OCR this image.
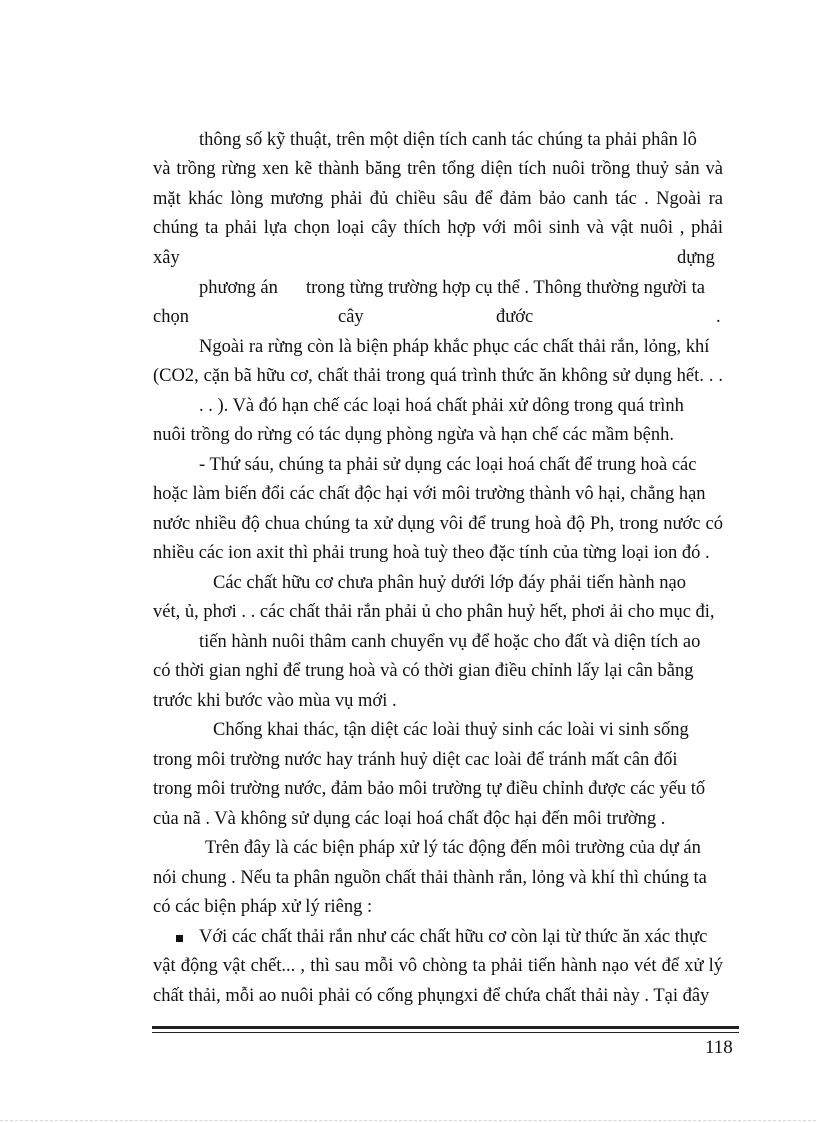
thông số kỹ thuật, trên một diện tích canh tác chúng ta phải phân lô
và trồng rừng xen kẽ thành băng trên tổng diện tích nuôi trồng thuỷ sản và
mặt khác lòng mương phải đủ chiều sâu để đảm bảo canh tác . Ngoài ra
chúng ta phải lựa chọn loại cây thích hợp với môi sinh và vật nuôi , phải
xây	dựng
phương án trong từng trường hợp cụ thể . Thông thường người ta
chọn	cây	đước	.
Ngoài ra rừng còn là biện pháp khắc phục các chất thải rắn, lỏng, khí
(CO2, cặn bã hữu cơ, chất thải trong quá trình thức ăn không sử dụng hết. . .
. . ). Và đó hạn chế các loại hoá chất phải xử dông trong quá trình
nuôi trồng do rừng có tác dụng phòng ngừa và hạn chế các mầm bệnh.
- Thứ sáu, chúng ta phải sử dụng các loại hoá chất để trung hoà các
hoặc làm biến đổi các chất độc hại với môi trường thành vô hại, chẳng hạn
nước nhiều độ chua chúng ta xử dụng vôi để trung hoà độ Ph, trong nước có
nhiều các ion axit thì phải trung hoà tuỳ theo đặc tính của từng loại ion đó .
Các chất hữu cơ chưa phân huỷ dưới lớp đáy phải tiến hành nạo
vét, ủ, phơi . . các chất thải rắn phải ủ cho phân huỷ hết, phơi ải cho mục đi,
tiến hành nuôi thâm canh chuyển vụ để hoặc cho đất và diện tích ao
có thời gian nghỉ để trung hoà và có thời gian điều chỉnh lấy lại cân bằng
trước khi bước vào mùa vụ mới .
Chống khai thác, tận diệt các loài thuỷ sinh các loài vi sinh sống
trong môi trường nước hay tránh huỷ diệt cac loài để tránh mất cân đối
trong môi trường nước, đảm bảo môi trường tự điều chỉnh được các yếu tố
của nã . Và không sử dụng các loại hoá chất độc hại đến môi trường .
Trên đây là các biện pháp xử lý tác động đến môi trường của dự án
nói chung . Nếu ta phân nguồn chất thải thành rắn, lỏng và khí thì chúng ta
có các biện pháp xử lý riêng :
Với các chất thải rắn như các chất hữu cơ còn lại từ thức ăn xác thực
vật động vật chết... , thì sau mỗi vô chòng ta phải tiến hành nạo vét để xử lý
chất thải, mỗi ao nuôi phải có cống phụngxi để chứa chất thải này . Tại đây
118
